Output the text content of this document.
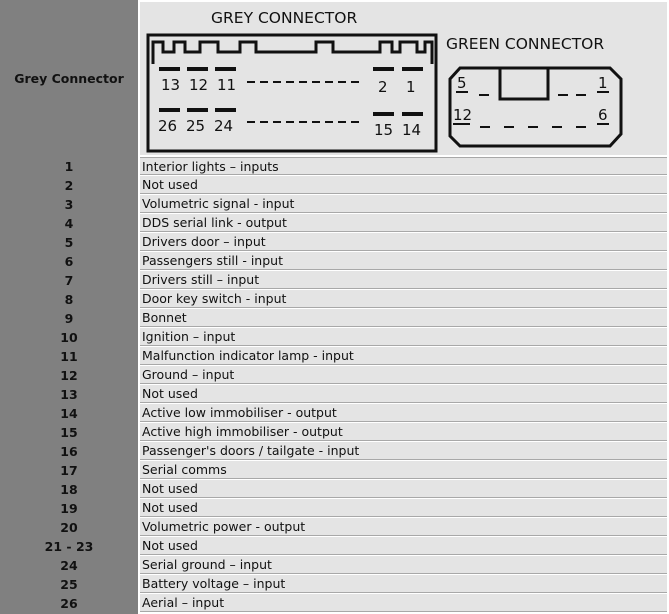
Grey Connector
GREY CONNECTOR
13 12 11	2 1
26 25 24	15 14
GREEN CONNECTOR
5	1
12	6
1	Interior lights – inputs
2	Not used
3	Volumetric signal - input
4	DDS serial link - output
5	Drivers door – input
6	Passengers still - input
7	Drivers still – input
8	Door key switch - input
9	Bonnet
10	Ignition – input
11	Malfunction indicator lamp - input
12	Ground – input
13	Not used
14	Active low immobiliser - output
15	Active high immobiliser - output
16	Passenger's doors / tailgate - input
17	Serial comms
18	Not used
19	Not used
20	Volumetric power - output
21 - 23	Not used
24	Serial ground – input
25	Battery voltage – input
26	Aerial – input
